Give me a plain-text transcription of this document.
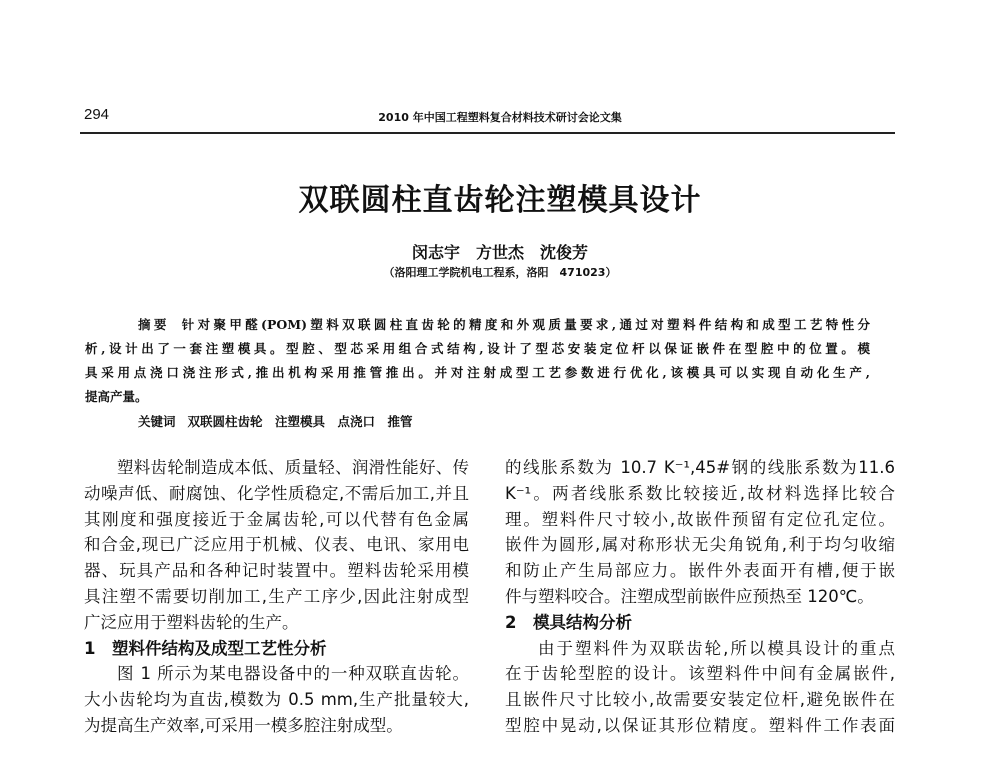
294	2010 年中国工程塑料复合材料技术研讨会论文集
双联圆柱直齿轮注塑模具设计
闵志宇　方世杰　沈俊芳
（洛阳理工学院机电工程系，洛阳　471023）
摘要 针对聚甲醛(POM)塑料双联圆柱直齿轮的精度和外观质量要求,通过对塑料件结构和成型工艺特性分
析,设计出了一套注塑模具。型腔、型芯采用组合式结构,设计了型芯安装定位杆以保证嵌件在型腔中的位置。模
具采用点浇口浇注形式,推出机构采用推管推出。并对注射成型工艺参数进行优化,该模具可以实现自动化生产,
提高产量。
关键词 双联圆柱齿轮　注塑模具　点浇口　推管
塑料齿轮制造成本低、质量轻、润滑性能好、传
动噪声低、耐腐蚀、化学性质稳定,不需后加工,并且
其刚度和强度接近于金属齿轮,可以代替有色金属
和合金,现已广泛应用于机械、仪表、电讯、家用电
器、玩具产品和各种记时装置中。塑料齿轮采用模
具注塑不需要切削加工,生产工序少,因此注射成型
广泛应用于塑料齿轮的生产。
1　塑料件结构及成型工艺性分析
图 1 所示为某电器设备中的一种双联直齿轮。
大小齿轮均为直齿,模数为 0.5 mm,生产批量较大,
为提高生产效率,可采用一模多腔注射成型。
的线胀系数为 10.7 K⁻¹,45#钢的线胀系数为11.6
K⁻¹。两者线胀系数比较接近,故材料选择比较合
理。塑料件尺寸较小,故嵌件预留有定位孔定位。
嵌件为圆形,属对称形状无尖角锐角,利于均匀收缩
和防止产生局部应力。嵌件外表面开有槽,便于嵌
件与塑料咬合。注塑成型前嵌件应预热至 120℃。
2　模具结构分析
由于塑料件为双联齿轮,所以模具设计的重点
在于齿轮型腔的设计。该塑料件中间有金属嵌件,
且嵌件尺寸比较小,故需要安装定位杆,避免嵌件在
型腔中晃动,以保证其形位精度。塑料件工作表面
